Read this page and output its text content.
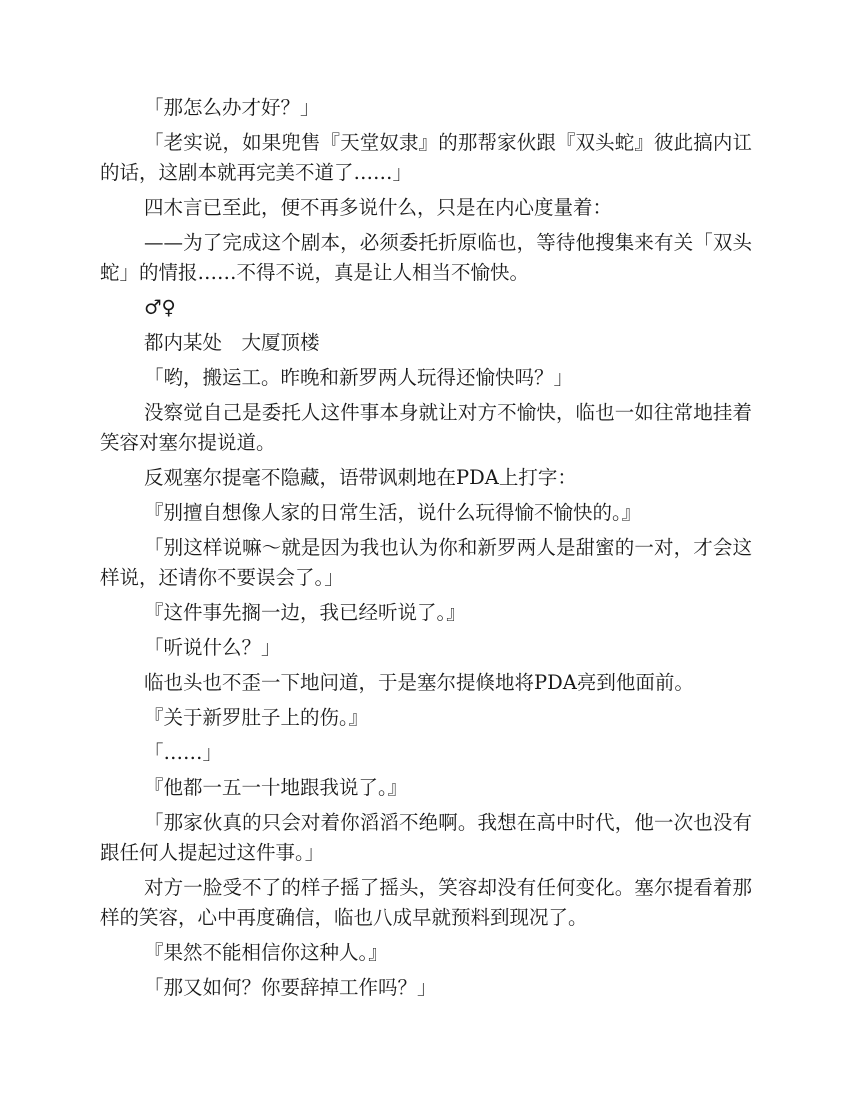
「那怎么办才好？」

「老实说，如果兜售『天堂奴隶』的那帮家伙跟『双头蛇』彼此搞内讧的话，这剧本就再完美不道了……」

四木言已至此，便不再多说什么，只是在内心度量着：

——为了完成这个剧本，必须委托折原临也，等待他搜集来有关「双头蛇」的情报……不得不说，真是让人相当不愉快。

♂♀

都内某处　大厦顶楼

「哟，搬运工。昨晚和新罗两人玩得还愉快吗？」

没察觉自己是委托人这件事本身就让对方不愉快，临也一如往常地挂着笑容对塞尔提说道。

反观塞尔提毫不隐藏，语带讽刺地在PDA上打字：

『别擅自想像人家的日常生活，说什么玩得愉不愉快的。』

「别这样说嘛～就是因为我也认为你和新罗两人是甜蜜的一对，才会这样说，还请你不要误会了。」

『这件事先搁一边，我已经听说了。』

「听说什么？」

临也头也不歪一下地问道，于是塞尔提倏地将PDA亮到他面前。

『关于新罗肚子上的伤。』

「……」

『他都一五一十地跟我说了。』

「那家伙真的只会对着你滔滔不绝啊。我想在高中时代，他一次也没有跟任何人提起过这件事。」

对方一脸受不了的样子摇了摇头，笑容却没有任何变化。塞尔提看着那样的笑容，心中再度确信，临也八成早就预料到现况了。

『果然不能相信你这种人。』

「那又如何？你要辞掉工作吗？」
